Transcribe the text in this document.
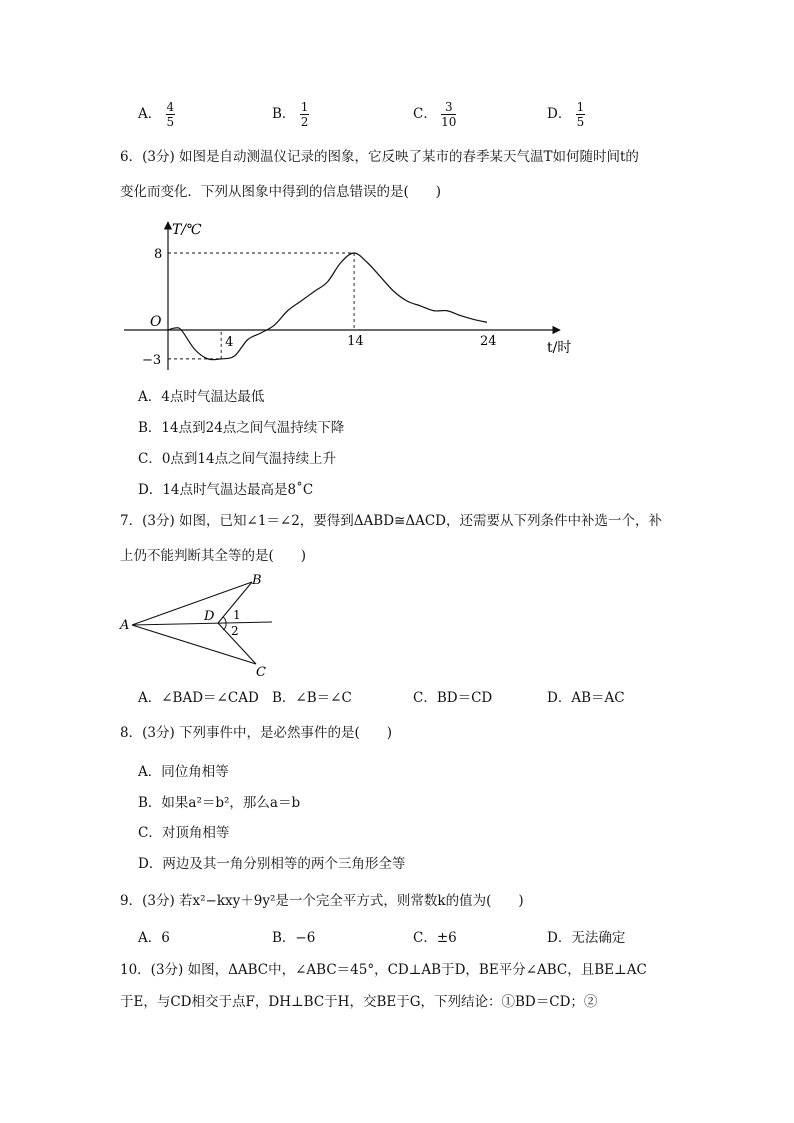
A． $\frac{4}{5}$	B． $\frac{1}{2}$	C． $\frac{3}{10}$	D． $\frac{1}{5}$
6．(3分) 如图是自动测温仪记录的图象，它反映了某市的春季某天气温T如何随时间t的
变化而变化．下列从图象中得到的信息错误的是(　　)
4	14	24
8
−3
T/℃
t/时
O
A．4点时气温达最低
B．14点到24点之间气温持续下降
C．0点到14点之间气温持续上升
D．14点时气温达最高是8˚C
7．(3分) 如图，已知∠1＝∠2，要得到ΔABD≅ΔACD，还需要从下列条件中补选一个，补
上仍不能判断其全等的是(　　)
A
B
C
D 1
2
A．∠BAD＝∠CAD B．∠B＝∠C	C．BD＝CD	D．AB＝AC
8．(3分) 下列事件中，是必然事件的是(　　)
A．同位角相等
B．如果a²＝b²，那么a＝b
C．对顶角相等
D．两边及其一角分别相等的两个三角形全等
9．(3分) 若x²−kxy＋9y²是一个完全平方式，则常数k的值为(　　)
A．6	B．−6	C．±6	D．无法确定
10．(3分) 如图，ΔABC中，∠ABC＝45°，CD⊥AB于D，BE平分∠ABC，且BE⊥AC
于E，与CD相交于点F，DH⊥BC于H，交BE于G，下列结论：①BD＝CD；②
